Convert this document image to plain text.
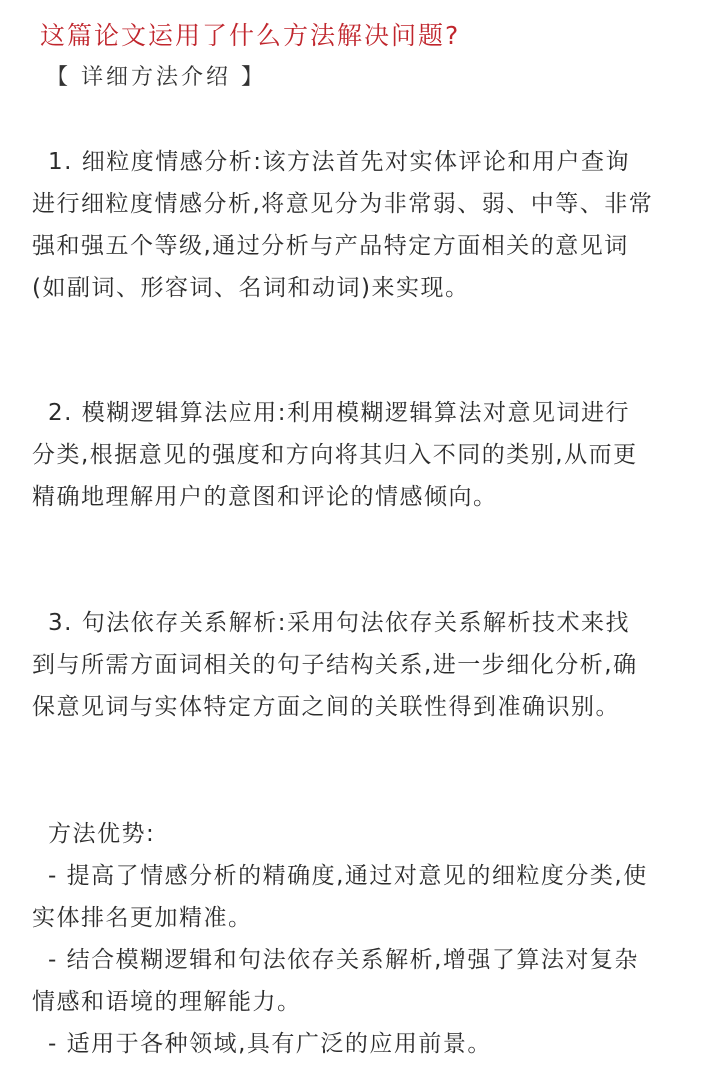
这篇论文运用了什么方法解决问题?
【 详细方法介绍 】

1. 细粒度情感分析:该方法首先对实体评论和用户查询进行细粒度情感分析,将意见分为非常弱、弱、中等、非常强和强五个等级,通过分析与产品特定方面相关的意见词(如副词、形容词、名词和动词)来实现。

2. 模糊逻辑算法应用:利用模糊逻辑算法对意见词进行分类,根据意见的强度和方向将其归入不同的类别,从而更精确地理解用户的意图和评论的情感倾向。

3. 句法依存关系解析:采用句法依存关系解析技术来找到与所需方面词相关的句子结构关系,进一步细化分析,确保意见词与实体特定方面之间的关联性得到准确识别。

方法优势:

- 提高了情感分析的精确度,通过对意见的细粒度分类,使实体排名更加精准。

- 结合模糊逻辑和句法依存关系解析,增强了算法对复杂情感和语境的理解能力。

- 适用于各种领域,具有广泛的应用前景。
